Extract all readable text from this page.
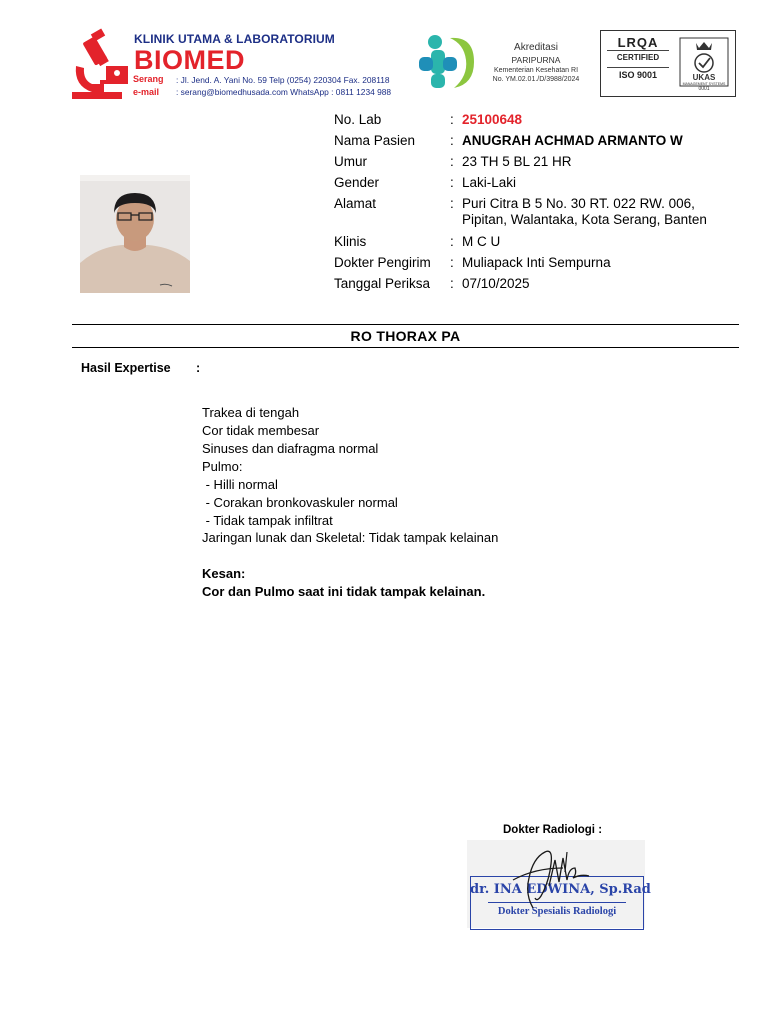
KLINIK UTAMA & LABORATORIUM
BIOMED
Serang : Jl. Jend. A. Yani No. 59 Telp (0254) 220304 Fax. 208118
e-mail : serang@biomedhusada.com WhatsApp : 0811 1234 988
Akreditasi
PARIPURNA
Kementerian Kesehatan RI
No. YM.02.01./D/3988/2024
LRQA
CERTIFIED
ISO 9001	UKAS
MANAGEMENT SYSTEMS
0001
No. Lab	: 25100648
Nama Pasien	: ANUGRAH ACHMAD ARMANTO W
Umur	: 23 TH 5 BL 21 HR
Gender	: Laki-Laki
Alamat	: Puri Citra B 5 No. 30 RT. 022 RW. 006,
Pipitan, Walantaka, Kota Serang, Banten
Klinis	: M C U
Dokter Pengirim : Muliapack Inti Sempurna
Tanggal Periksa : 07/10/2025
RO THORAX PA
Hasil Expertise :
Trakea di tengah
Cor tidak membesar
Sinuses dan diafragma normal
Pulmo:
- Hilli normal
- Corakan bronkovaskuler normal
- Tidak tampak infiltrat
Jaringan lunak dan Skeletal: Tidak tampak kelainan
Kesan:
Cor dan Pulmo saat ini tidak tampak kelainan.
Dokter Radiologi :
dr. INA EDWINA, Sp.Rad
Dokter Spesialis Radiologi
